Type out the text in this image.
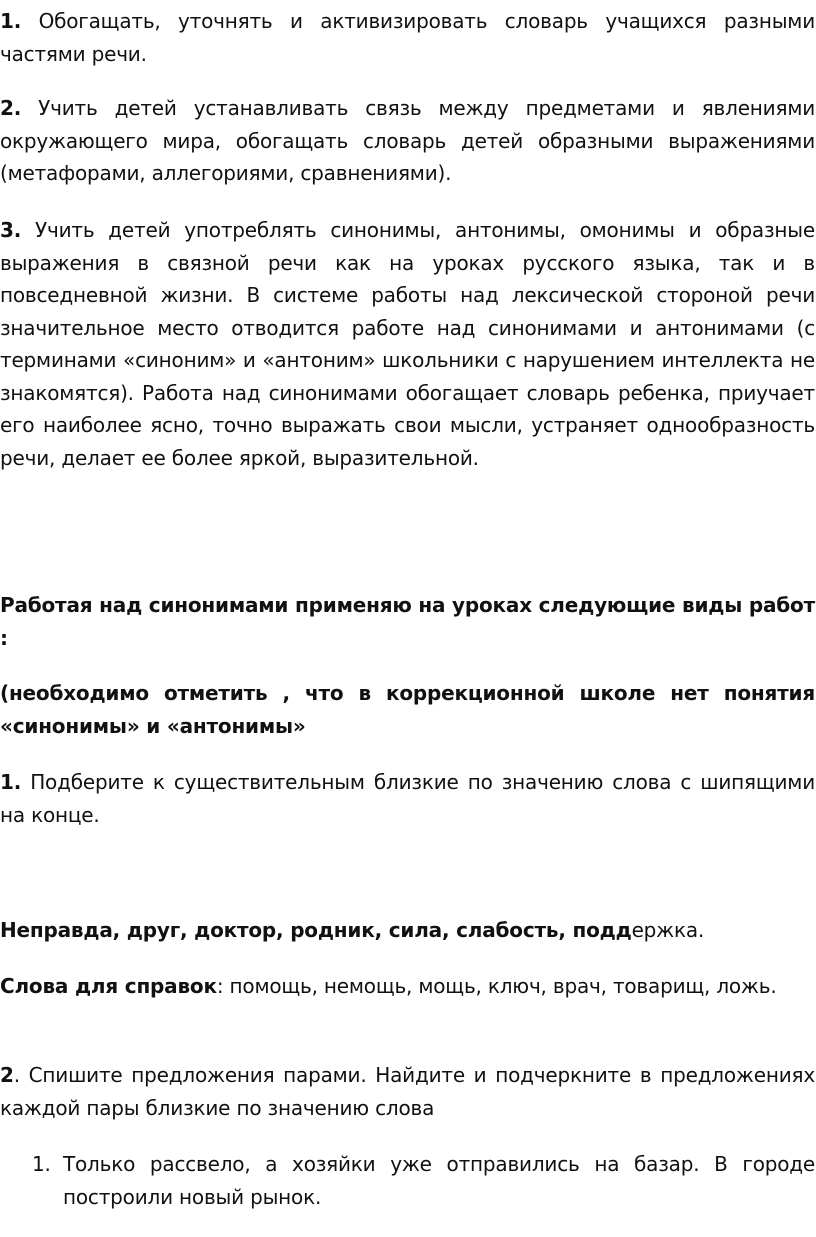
1. Обогащать, уточнять и активизировать словарь учащихся разными частями речи.

2. Учить детей устанавливать связь между предметами и явлениями окружающего мира, обогащать словарь детей образными выражениями (метафорами, аллегориями, сравнениями).

3. Учить детей употреблять синонимы, антонимы, омонимы и образные выражения в связной речи как на уроках русского языка, так и в повседневной жизни. В системе работы над лексической стороной речи значительное место отводится работе над синонимами и антонимами (с терминами «синоним» и «антоним» школьники с нарушением интеллекта не знакомятся). Работа над синонимами обогащает словарь ребенка, приучает его наиболее ясно, точно выражать свои мысли, устраняет однообразность речи, делает ее более яркой, выразительной.

Работая над синонимами применяю на уроках следующие виды работ :

(необходимо отметить , что в коррекционной школе нет понятия «синонимы» и «антонимы»

1. Подберите к существительным близкие по значению слова с шипящими на конце.

Неправда, друг, доктор, родник, сила, слабость, поддержка.

Слова для справок: помощь, немощь, мощь, ключ, врач, товарищ, ложь.

2. Спишите предложения парами. Найдите и подчеркните в предложениях каждой пары близкие по значению слова

1. Только рассвело, а хозяйки уже отправились на базар. В городе построили новый рынок.
